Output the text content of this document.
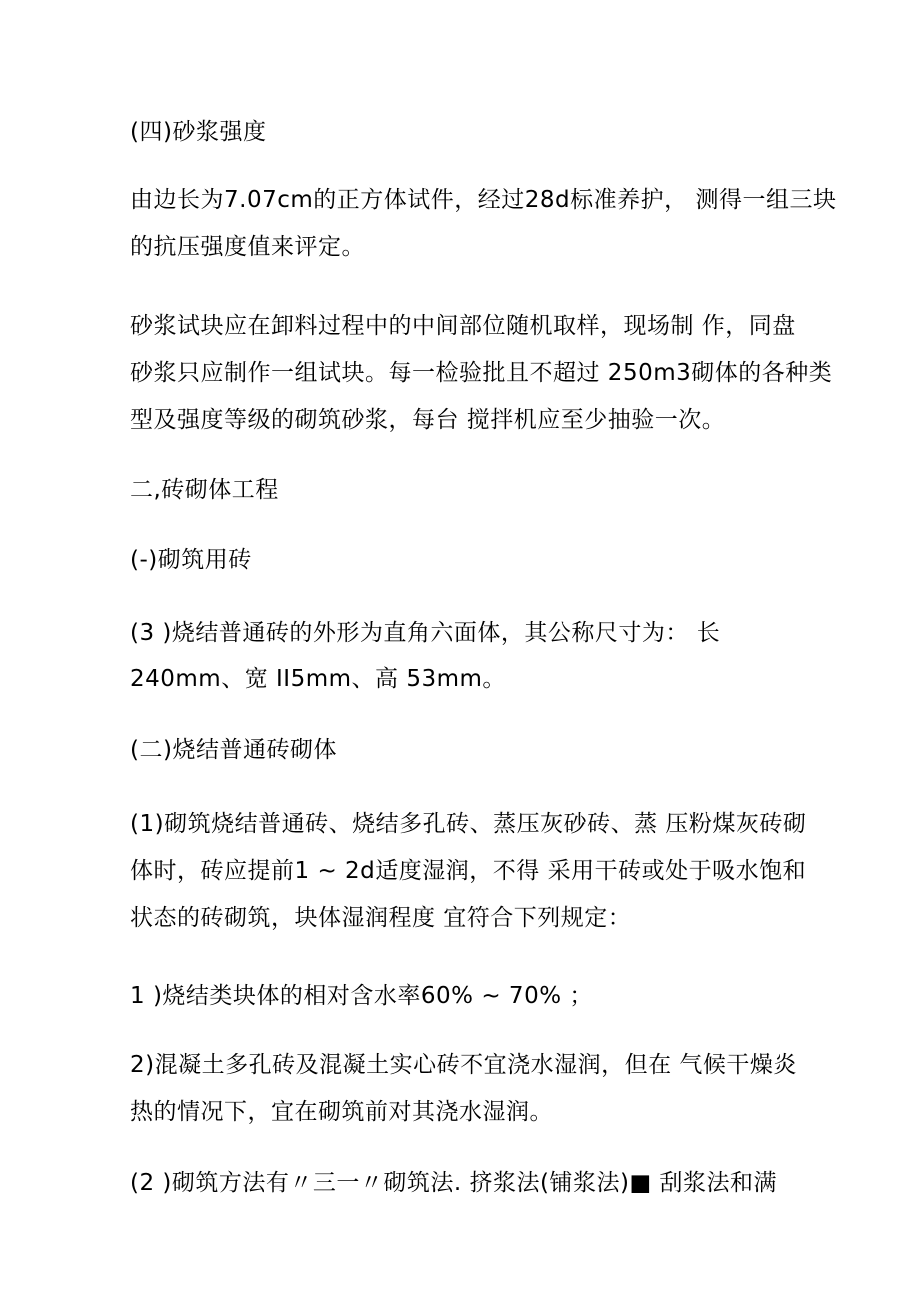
(四)砂浆强度
由边长为7.07cm的正方体试件，经过28d标准养护， 测得一组三块
的抗压强度值来评定。
砂浆试块应在卸料过程中的中间部位随机取样，现场制 作，同盘
砂浆只应制作一组试块。每一检验批且不超过 250m3砌体的各种类
型及强度等级的砌筑砂浆，每台 搅拌机应至少抽验一次。
二,砖砌体工程
(-)砌筑用砖
(3 )烧结普通砖的外形为直角六面体，其公称尺寸为： 长
240mm、宽 II5mm、高 53mm。
(二)烧结普通砖砌体
(1)砌筑烧结普通砖、烧结多孔砖、蒸压灰砂砖、蒸 压粉煤灰砖砌
体时，砖应提前1 ~ 2d适度湿润，不得 采用干砖或处于吸水饱和
状态的砖砌筑，块体湿润程度 宜符合下列规定：
1 )烧结类块体的相对含水率60% ~ 70% ；
2)混凝土多孔砖及混凝土实心砖不宜浇水湿润，但在 气候干燥炎
热的情况下，宜在砌筑前对其浇水湿润。
(2 )砌筑方法有〃三一〃砌筑法. 挤浆法(铺浆法)■ 刮浆法和满
